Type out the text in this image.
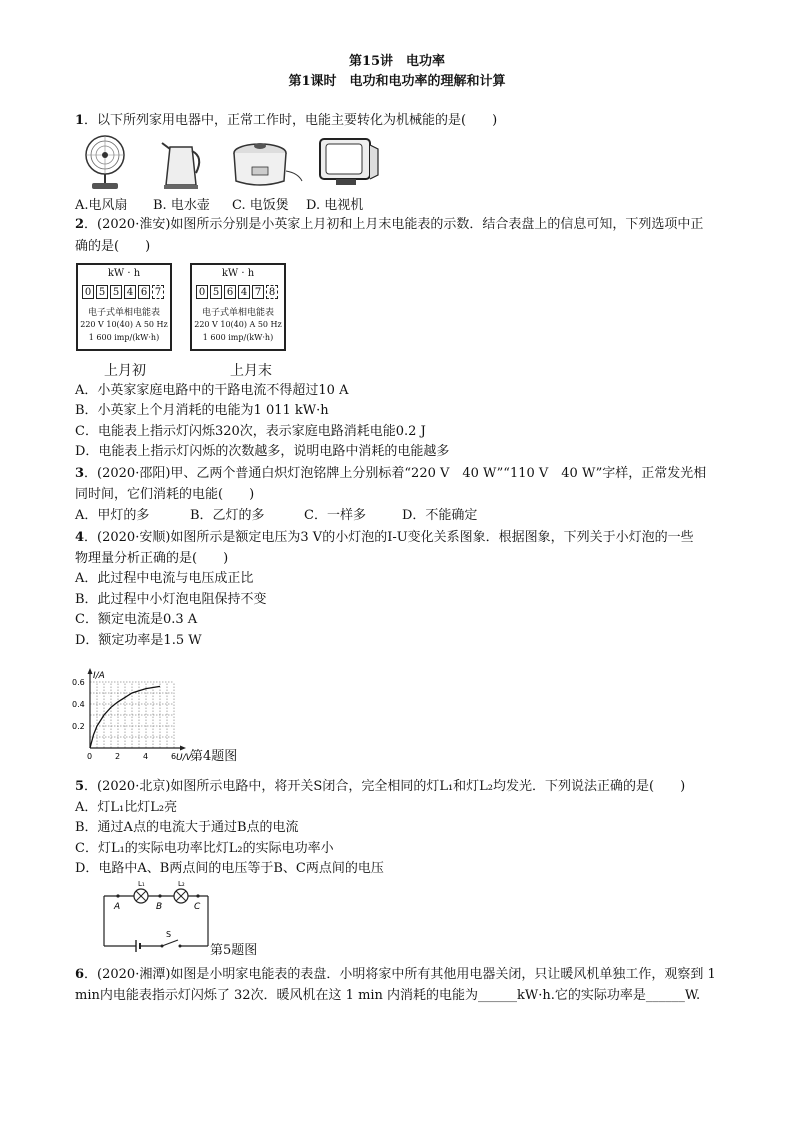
第15讲　电功率
第1课时　电功和电功率的理解和计算
1．以下所列家用电器中，正常工作时，电能主要转化为机械能的是(　　)
A.电风扇 B. 电水壶 C. 电饭煲 D. 电视机
2．(2020·淮安)如图所示分别是小英家上月初和上月末电能表的示数．结合表盘上的信息可知，下列选项中正
确的是(　　)
kW · h
0 5 5 4 6 7
电子式单相电能表
220 V 10(40) A 50 Hz
1 600 imp/(kW·h)
kW · h
0 5 6 4 7 8
电子式单相电能表
220 V 10(40) A 50 Hz
1 600 imp/(kW·h)
上月初	上月末
A．小英家家庭电路中的干路电流不得超过10 A
B．小英家上个月消耗的电能为1 011 kW·h
C．电能表上指示灯闪烁320次，表示家庭电路消耗电能0.2 J
D．电能表上指示灯闪烁的次数越多，说明电路中消耗的电能越多
3．(2020·邵阳)甲、乙两个普通白炽灯泡铭牌上分别标着“220 V　40 W”“110 V　40 W”字样，正常发光相
同时间，它们消耗的电能(　　)
A．甲灯的多	B．乙灯的多	C．一样多	D．不能确定
4．(2020·安顺)如图所示是额定电压为3 V的小灯泡的I-U变化关系图象．根据图象，下列关于小灯泡的一些
物理量分析正确的是(　　)
A．此过程中电流与电压成正比
B．此过程中小灯泡电阻保持不变
C．额定电流是0.3 A
D．额定功率是1.5 W
I/A
U/V
0	2	4	6
0.2
0.4
0.6
第4题图
5．(2020·北京)如图所示电路中，将开关S闭合，完全相同的灯L₁和灯L₂均发光．下列说法正确的是(　　)
A．灯L₁比灯L₂亮
B．通过A点的电流大于通过B点的电流
C．灯L₁的实际电功率比灯L₂的实际电功率小
D．电路中A、B两点间的电压等于B、C两点间的电压
A	B	C
L₁	L₂
S
第5题图
6．(2020·湘潭)如图是小明家电能表的表盘．小明将家中所有其他用电器关闭，只让暖风机单独工作，观察到 1
min内电能表指示灯闪烁了 32次．暖风机在这 1 min 内消耗的电能为______kW·h.它的实际功率是______W.
